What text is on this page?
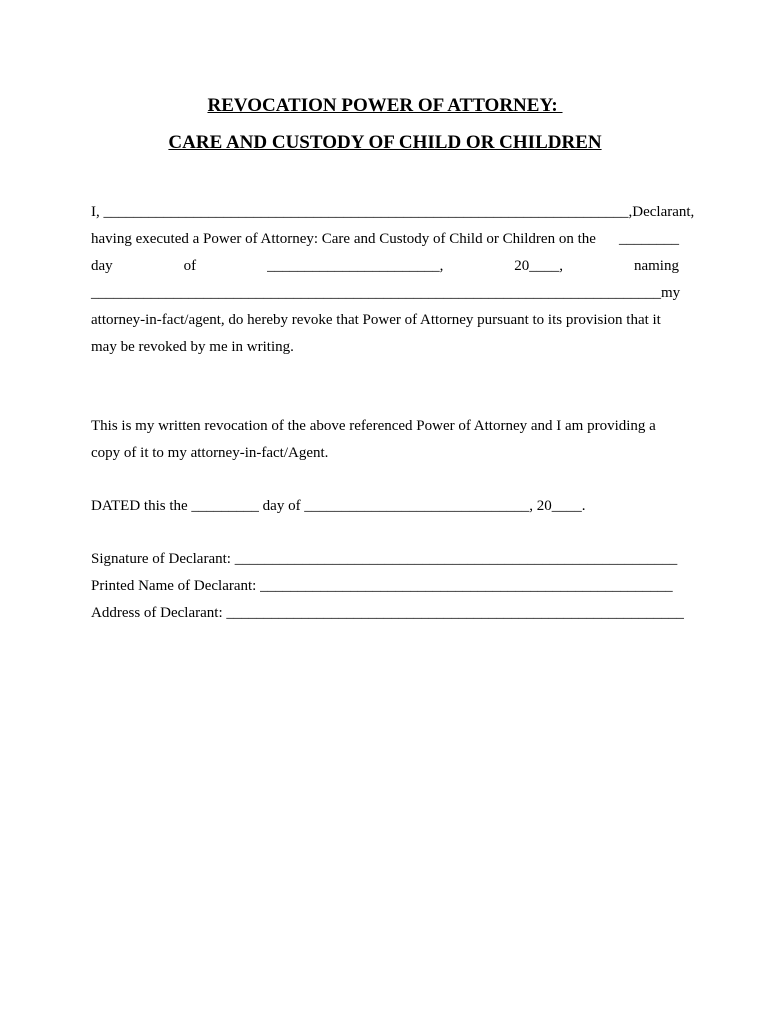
REVOCATION POWER OF ATTORNEY:
CARE AND CUSTODY OF CHILD OR CHILDREN
I, ______________________________________________________________________, Declarant,
having executed a Power of Attorney: Care and Custody of Child or Children on the ________
day	of	_______________________,	20____,	naming
________________________________________ ____________________________________ my
attorney-in-fact/agent, do hereby revoke that Power of Attorney pursuant to its provision that it
may be revoked by me in writing.
This is my written revocation of the above referenced Power of Attorney and I am providing a
copy of it to my attorney-in-fact/Agent.
DATED this the _________ day of ______________________________, 20____.
Signature of Declarant: ___________________________________________________________
Printed Name of Declarant: _______________________________________________________
Address of Declarant: _____________________________________________________________
